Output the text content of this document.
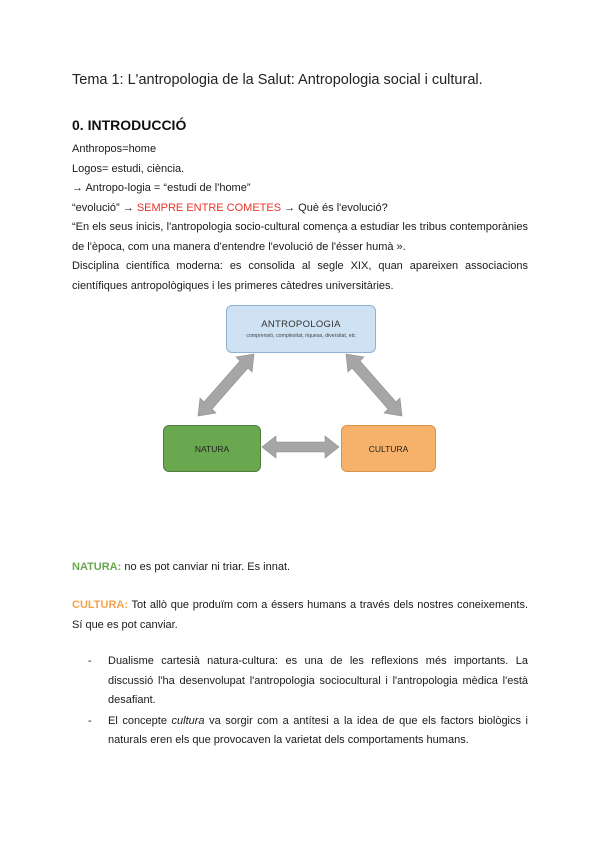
Tema 1: L'antropologia de la Salut: Antropologia social i cultural.
0. INTRODUCCIÓ

Anthropos=home

Logos= estudi, ciència.

→ Antropo-logia = “estudi de l'home”

“evolució” → SEMPRE ENTRE COMETES → Què és l'evolució?

“En els seus inicis, l'antropologia socio-cultural comença a estudiar les tribus contemporànies de l'època, com una manera d'entendre l'evolució de l'ésser humà ».

Disciplina científica moderna: es consolida al segle XIX, quan apareixen associacions científiques antropològiques i les primeres càtedres universitàries.

ANTROPOLOGIA
comprensió, complexitat, riquesa, diversitat, etc
NATURA	CULTURA

NATURA: no es pot canviar ni triar. Es innat.

CULTURA: Tot allò que produïm com a éssers humans a través dels nostres coneixements. Sí que es pot canviar.

- Dualisme cartesià natura-cultura: es una de les reflexions més importants. La discussió l'ha desenvolupat l'antropologia sociocultural i l'antropologia mèdica l'està desafiant.
- El concepte cultura va sorgir com a antítesi a la idea de que els factors biològics i naturals eren els que provocaven la varietat dels comportaments humans.
